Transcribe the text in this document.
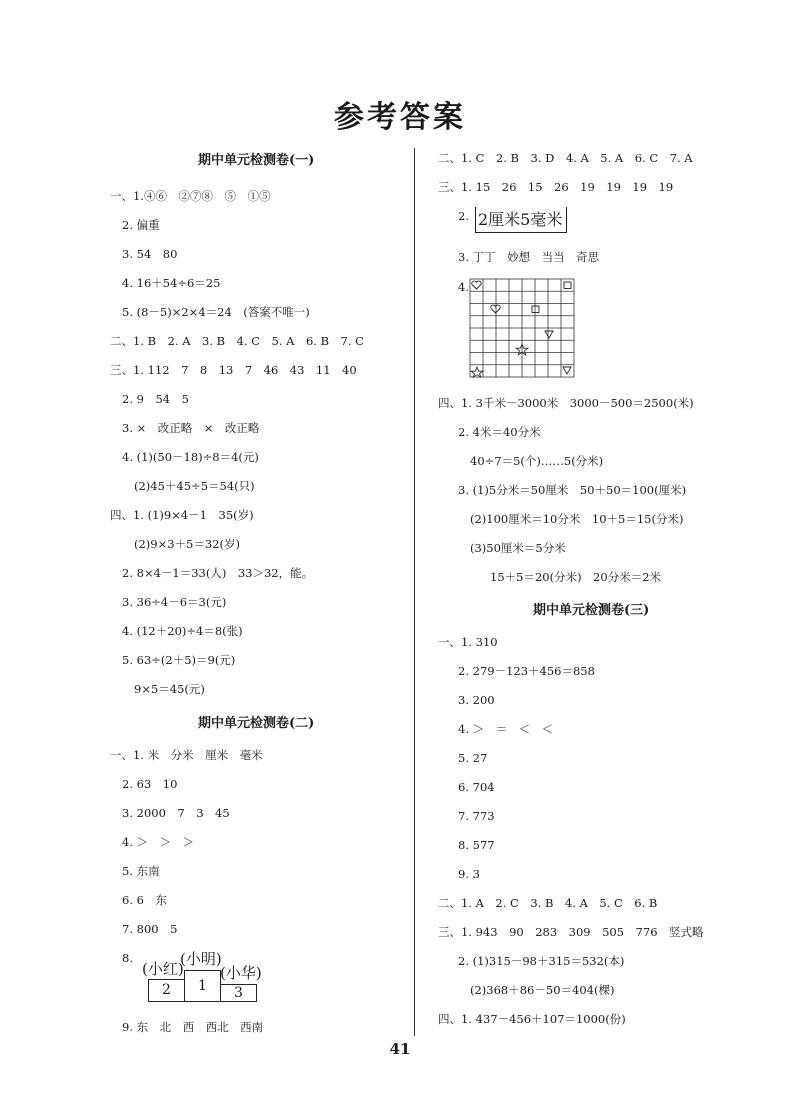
参考答案
期中单元检测卷(一)
一、1.④⑥　②⑦⑧　⑤　①⑤
2. 偏重
3. 54　80
4. 16＋54÷6＝25
5. (8－5)×2×4＝24　(答案不唯一)
二、1. B　2. A　3. B　4. C　5. A　6. B　7. C
三、1. 112　7　8　13　7　46　43　11　40
2. 9　54　5
3. ×　改正略　×　改正略
4. (1)(50－18)÷8＝4(元)
(2)45＋45÷5＝54(只)
四、1. (1)9×4－1　35(岁)
(2)9×3＋5＝32(岁)
2. 8×4－1＝33(人)　33＞32，能。
3. 36÷4－6＝3(元)
4. (12＋20)÷4＝8(张)
5. 63÷(2＋5)＝9(元)
9×5＝45(元)
期中单元检测卷(二)
一、1. 米　分米　厘米　毫米
2. 63　10
3. 2000　7　3　45
4. ＞　＞　＞
5. 东南
6. 6　东
7. 800　5
8.
(小红)
(小明)
(小华)
2	1	3
9. 东　北　西　西北　西南
二、1. C　2. B　3. D　4. A　5. A　6. C　7. A
三、1. 15　26　15　26　19　19　19　19
2. 2厘米5毫米
3. 丁丁　妙想　当当　奇思
4.
四、1. 3千米－3000米　3000－500＝2500(米)
2. 4米＝40分米
40÷7＝5(个)……5(分米)
3. (1)5分米＝50厘米　50＋50＝100(厘米)
(2)100厘米＝10分米　10＋5＝15(分米)
(3)50厘米＝5分米
15＋5＝20(分米)　20分米＝2米
期中单元检测卷(三)
一、1. 310
2. 279－123＋456＝858
3. 200
4. ＞　＝　＜　＜
5. 27
6. 704
7. 773
8. 577
9. 3
二、1. A　2. C　3. B　4. A　5. C　6. B
三、1. 943　90　283　309　505　776　竖式略
2. (1)315－98＋315＝532(本)
(2)368＋86－50＝404(棵)
四、1. 437－456＋107＝1000(份)
41
